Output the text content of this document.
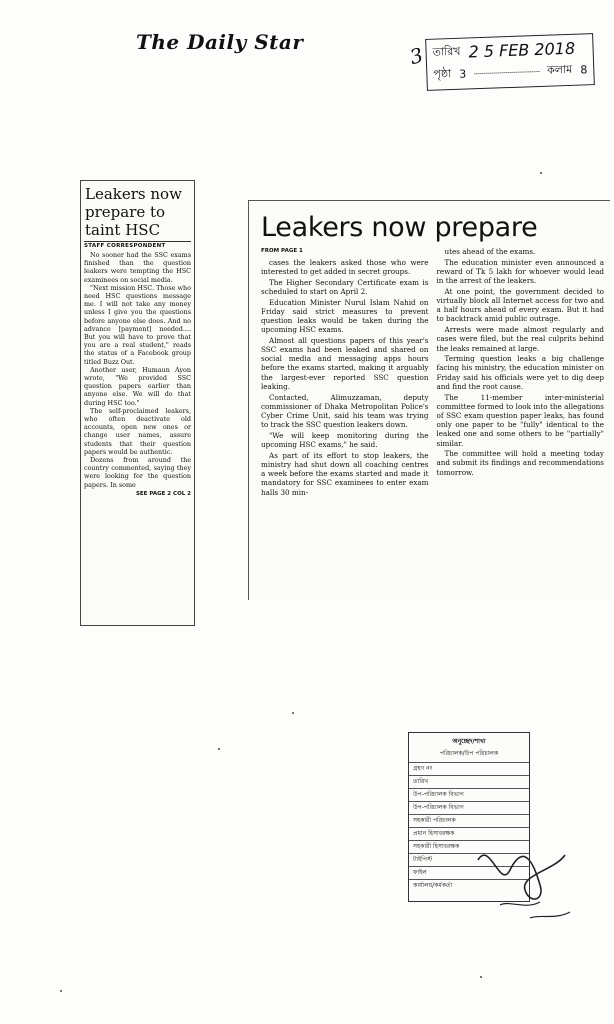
The Daily Star
3 তারিখ 2 5 FEB 2018
পৃষ্ঠা 3	কলাম 8
Leakers now prepare to taint HSC
STAFF CORRESPONDENT

No sooner had the SSC exams finished than the question leakers were tempting the HSC examinees on social media.

"Next mission HSC. Those who need HSC questions message me. I will not take any money unless I give you the questions before anyone else does. And no advance [payment] needed.... But you will have to prove that you are a real student," reads the status of a Facebook group titled Buzz Out.

Another user, Humaun Ayon wrote, "We provided SSC question papers earlier than anyone else. We will do that during HSC too."

The self-proclaimed leakers, who often deactivate old accounts, open new ones or change user names, assure students that their question papers would be authentic.

Dozens from around the country commented, saying they were looking for the question papers. In some

SEE PAGE 2 COL 2
Leakers now prepare

FROM PAGE 1

cases the leakers asked those who were interested to get added in secret groups.

The Higher Secondary Certificate exam is scheduled to start on April 2.

Education Minister Nurul Islam Nahid on Friday said strict measures to prevent question leaks would be taken during the upcoming HSC exams.

Almost all questions papers of this year's SSC exams had been leaked and shared on social media and messaging apps hours before the exams started, making it arguably the largest-ever reported SSC question leaking.

Contacted, Alimuzzaman, deputy commissioner of Dhaka Metropolitan Police's Cyber Crime Unit, said his team was trying to track the SSC question leakers down.

"We will keep monitoring during the upcoming HSC exams," he said.

As part of its effort to stop leakers, the ministry had shut down all coaching centres a week before the exams started and made it mandatory for SSC examinees to enter exam halls 30 min-

utes ahead of the exams.

The education minister even announced a reward of Tk 5 lakh for whoever would lead in the arrest of the leakers.

At one point, the government decided to virtually block all Internet access for two and a half hours ahead of every exam. But it had to backtrack amid public outrage.

Arrests were made almost regularly and cases were filed, but the real culprits behind the leaks remained at large.

Terming question leaks a big challenge facing his ministry, the education minister on Friday said his officials were yet to dig deep and find the root cause.

The 11-member inter-ministerial committee formed to look into the allegations of SSC exam question paper leaks, has found only one paper to be "fully" identical to the leaked one and some others to be "partially" similar.

The committee will hold a meeting today and submit its findings and recommendations tomorrow.

অনুচ্ছেদ/শাখা
পরিচালক/উপ পরিচালক
গ্রহণ নং
তারিখ
উপ-পরিচালক বিভাগ
উপ-পরিচালক বিভাগ
সহকারী পরিচালক
প্রধান হিসাবরক্ষক
সহকারী হিসাবরক্ষক
টাইপিস্ট
ফাইল
কার্যালয়/কর্মকর্তা
